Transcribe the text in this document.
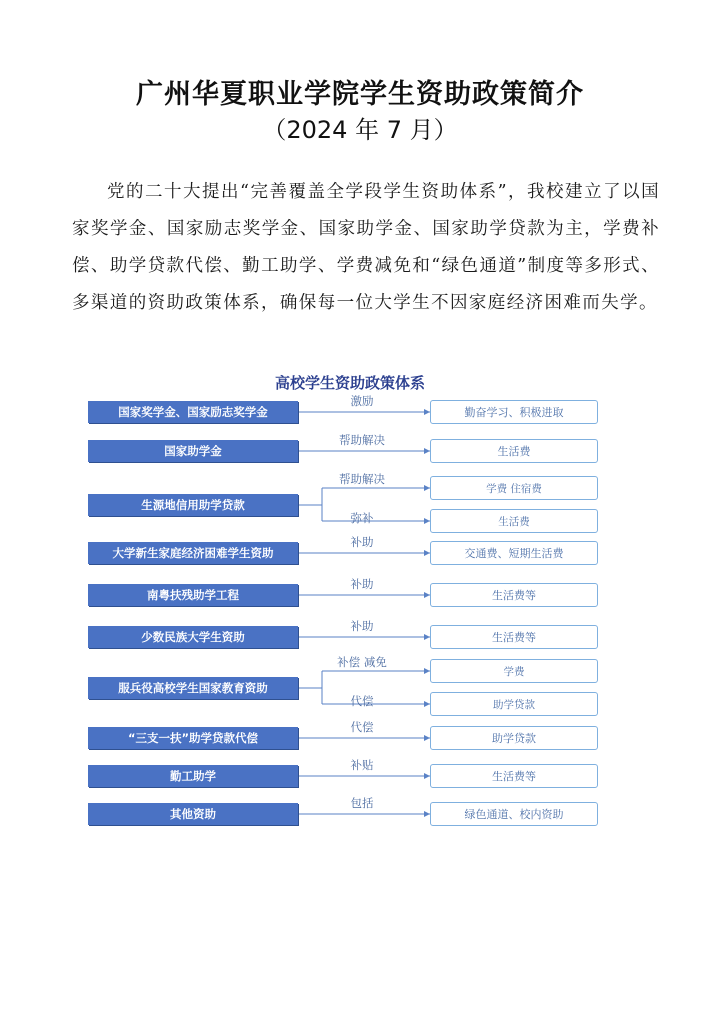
广州华夏职业学院学生资助政策简介
（2024 年 7 月）

党的二十大提出“完善覆盖全学段学生资助体系”，我校建立了以国家奖学金、国家励志奖学金、国家助学金、国家助学贷款为主，学费补偿、助学贷款代偿、勤工助学、学费减免和“绿色通道”制度等多形式、多渠道的资助政策体系，确保每一位大学生不因家庭经济困难而失学。

高校学生资助政策体系
国家奖学金、国家励志奖学金
激励
勤奋学习、积极进取
国家助学金
帮助解决
生活费
生源地信用助学贷款
帮助解决
学费 住宿费
弥补	生活费
大学新生家庭经济困难学生资助
补助
交通费、短期生活费
南粤扶残助学工程
补助
生活费等
少数民族大学生资助
补助
生活费等
服兵役高校学生国家教育资助
补偿 减免
学费
代偿	助学贷款
“三支一扶”助学贷款代偿
代偿
助学贷款
勤工助学
补贴
生活费等
其他资助
包括
绿色通道、校内资助
